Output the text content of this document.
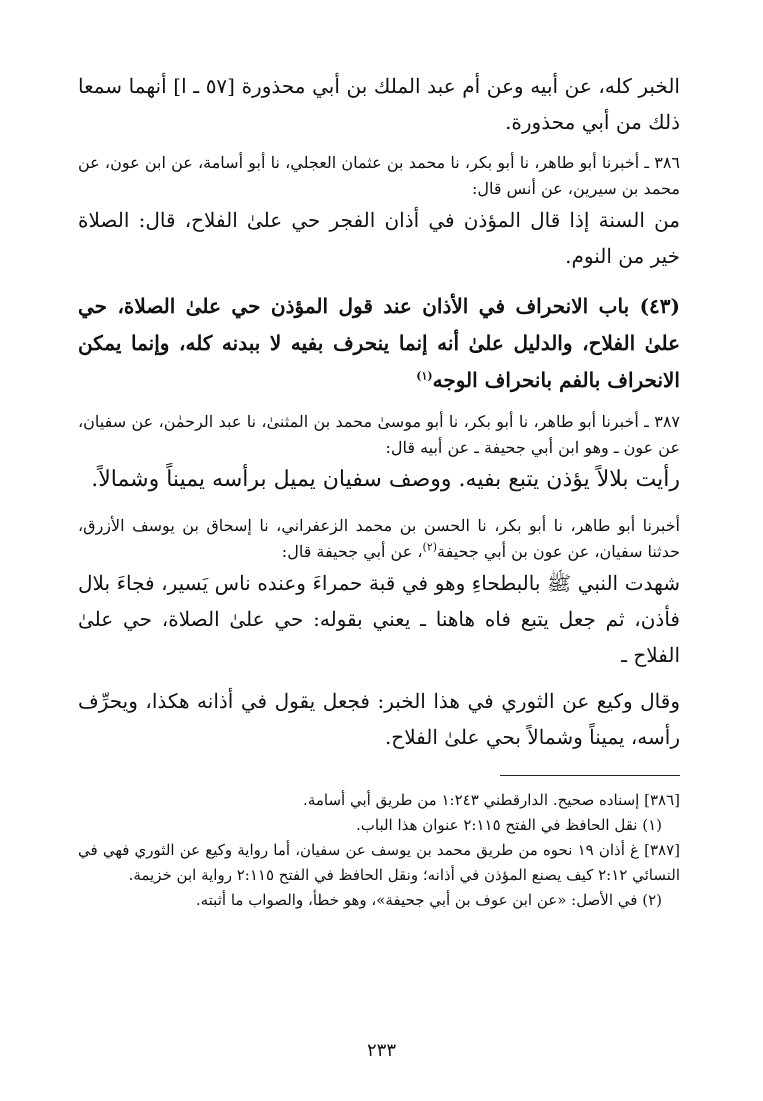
الخبر كله، عن أبيه وعن أم عبد الملك بن أبي محذورة [٥٧ ـ ا] أنهما سمعا ذلك من أبي محذورة.

٣٨٦ ـ أخبرنا أبو طاهر، نا أبو بكر، نا محمد بن عثمان العجلي، نا أبو أسامة، عن ابن عون، عن محمد بن سيرين، عن أنس قال:

من السنة إذا قال المؤذن في أذان الفجر حي علىٰ الفلاح، قال: الصلاة خير من النوم.

(٤٣) باب الانحراف في الأذان عند قول المؤذن حي علىٰ الصلاة، حي علىٰ الفلاح، والدليل علىٰ أنه إنما ينحرف بفيه لا ببدنه كله، وإنما يمكن الانحراف بالفم بانحراف الوجه$^{(١)}$

٣٨٧ ـ أخبرنا أبو طاهر، نا أبو بكر، نا أبو موسىٰ محمد بن المثنىٰ، نا عبد الرحمٰن، عن سفيان، عن عون ـ وهو ابن أبي جحيفة ـ عن أبيه قال:

رأيت بلالاً يؤذن يتبع بفيه. ووصف سفيان يميل برأسه يميناً وشمالاً.

أخبرنا أبو طاهر، نا أبو بكر، نا الحسن بن محمد الزعفراني، نا إسحاق بن يوسف الأزرق، حدثنا سفيان، عن عون بن أبي جحيفة$^{(٢)}$، عن أبي جحيفة قال:

شهدت النبي ﷺ بالبطحاءِ وهو في قبة حمراءَ وعنده ناس يَسير، فجاءَ بلال فأذن، ثم جعل يتبع فاه هاهنا ـ يعني بقوله: حي علىٰ الصلاة، حي علىٰ الفلاح ـ

وقال وكيع عن الثوري في هذا الخبر: فجعل يقول في أذانه هكذا، ويحرِّف رأسه، يميناً وشمالاً بحي علىٰ الفلاح.

[٣٨٦] إسناده صحيح. الدارقطني ١:٢٤٣ من طريق أبي أسامة.

(١) نقل الحافظ في الفتح ٢:١١٥ عنوان هذا الباب.

[٣٨٧] غ أذان ١٩ نحوه من طريق محمد بن يوسف عن سفيان، أما رواية وكيع عن الثوري فهي في النسائي ٢:١٢ كيف يصنع المؤذن في أذانه؛ ونقل الحافظ في الفتح ٢:١١٥ رواية ابن خزيمة.

(٢) في الأصل: «عن ابن عوف بن أبي جحيفة»، وهو خطأ، والصواب ما أثبته.

٢٣٣
